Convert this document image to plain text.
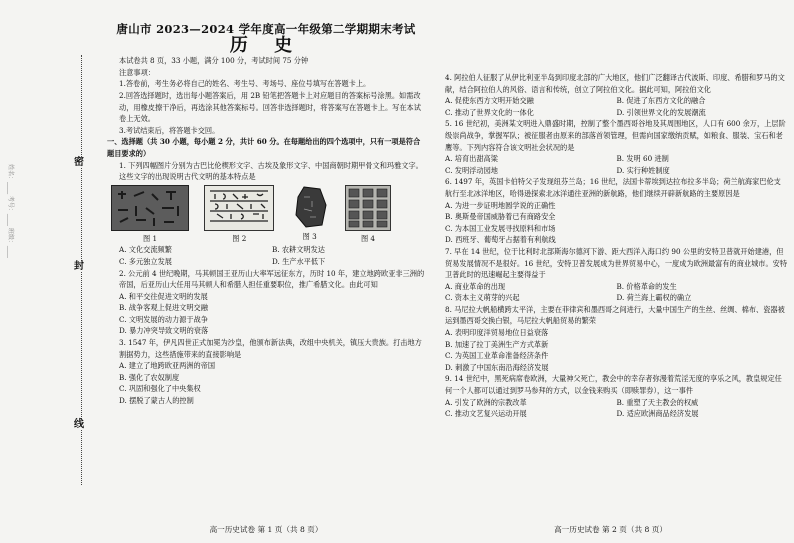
密
封
线
姓名：____ 考号：____ 班级：____
唐山市 2023—2024 学年度高一年级第二学期期末考试
历 史

本试卷共 8 页，33 小题，满分 100 分，考试时间 75 分钟

注意事项：

1.答卷前，考生务必将自己的姓名、考生号、考场号、座位号填写在答题卡上。

2.回答选择题时，选出每小题答案后，用 2B 铅笔把答题卡上对应题目的答案标号涂黑。如需改动，用橡皮擦干净后，再选涂其他答案标号。回答非选择题时，将答案写在答题卡上。写在本试卷上无效。

3.考试结束后，将答题卡交回。

一、选择题（共 30 小题，每小题 2 分，共计 60 分。在每题给出的四个选项中，只有一项是符合题目要求的）

1. 下列四幅图片分别为古巴比伦楔形文字、古埃及象形文字、中国商朝时期甲骨文和玛雅文字。这些文字的出现说明古代文明的基本特点是

图 1	图 2	图 3	图 4
A. 文化交流频繁	B. 农耕文明发达
C. 多元独立发展	D. 生产水平低下

2. 公元前 4 世纪晚期，马其顿国王亚历山大率军远征东方，历时 10 年，建立地跨欧亚非三洲的帝国，后亚历山大任用马其顿人和希腊人担任重要职位，推广希腊文化。由此可知

A. 和平交往促进文明的发展

B. 战争客观上促进文明交融

C. 文明发展的动力源于战争

D. 暴力冲突导致文明的衰落

3. 1547 年，伊凡四世正式加冕为沙皇，他颁布新法典，改组中央机关，镇压大贵族。打击地方割据势力，这些措施带来的直接影响是

A. 建立了地跨欧亚两洲的帝国

B. 强化了农奴制度

C. 巩固和强化了中央集权

D. 摆脱了蒙古人的控制

高一历史试卷 第 1 页（共 8 页）

4. 阿拉伯人征服了从伊比利亚半岛到印度北部的广大地区，他们广泛翻译古代波斯、印度、希腊和罗马的文献，结合阿拉伯人的风俗、语言和传统，创立了阿拉伯文化。据此可知，阿拉伯文化

A. 促使东西方文明开始交融	B. 促进了东西方文化的融合
C. 推动了世界文化的一体化	D. 引领世界文化的发展潮流

5. 16 世纪初，美洲某文明进入鼎盛时期，控制了整个墨西哥谷地及其周围地区，人口有 600 余万，上层阶级崇尚战争，掌握军队；被征服者由原来的部落首领管理，但需向国家缴纳贡赋，如粮食、服装、宝石和老鹰等。下列内容符合该文明社会状况的是

A. 培育出甜高粱	B. 发明 60 进制
C. 发明浮动园地	D. 实行种姓制度

6. 1497 年，英国卡伯特父子发现纽芬兰岛；16 世纪，法国卡蒂埃到达拉布拉多半岛；荷兰航海家巴伦支航行至北冰洋地区，哈得逊探索北冰洋通往亚洲的新航路，他们继续开辟新航路的主要原因是

A. 为进一步证明地圆学说的正确性

B. 奥斯曼帝国威胁着已有商路安全

C. 为本国工业发展寻找原料和市场

D. 西班牙、葡萄牙占据着有利航线

7. 早在 14 世纪，位于比利时北部斯海尔德河下游、距大西洋入海口约 90 公里的安特卫普就开始建港，但贸易发展情况不是很好。16 世纪，安特卫普发展成为世界贸易中心，一度成为欧洲最富有的商业城市。安特卫普此时的迅速崛起主要得益于

A. 商业革命的出现	B. 价格革命的发生
C. 资本主义萌芽的兴起	D. 荷兰海上霸权的确立

8. 马尼拉大帆船横跨太平洋，主要在菲律宾和墨西哥之间进行，大量中国生产的生丝、丝绸、棉布、瓷器被运到墨西哥交换白银，马尼拉大帆船贸易的繁荣

A. 表明印度洋贸易地位日益衰落

B. 加速了拉丁美洲生产方式革新

C. 为英国工业革命准备经济条件

D. 刺激了中国东南沿海经济发展

9. 14 世纪中，黑死病席卷欧洲，大量神父死亡，教会中的幸存者弥漫着荒淫无度的享乐之风，教皇规定任何一个人都可以通过到罗马参拜的方式，以金钱来购买（即赎罪券），这一事件

A. 引发了欧洲的宗教改革	B. 重塑了天主教会的权威
C. 推动文艺复兴运动开展	D. 适应欧洲商品经济发展
高一历史试卷 第 2 页（共 8 页）
